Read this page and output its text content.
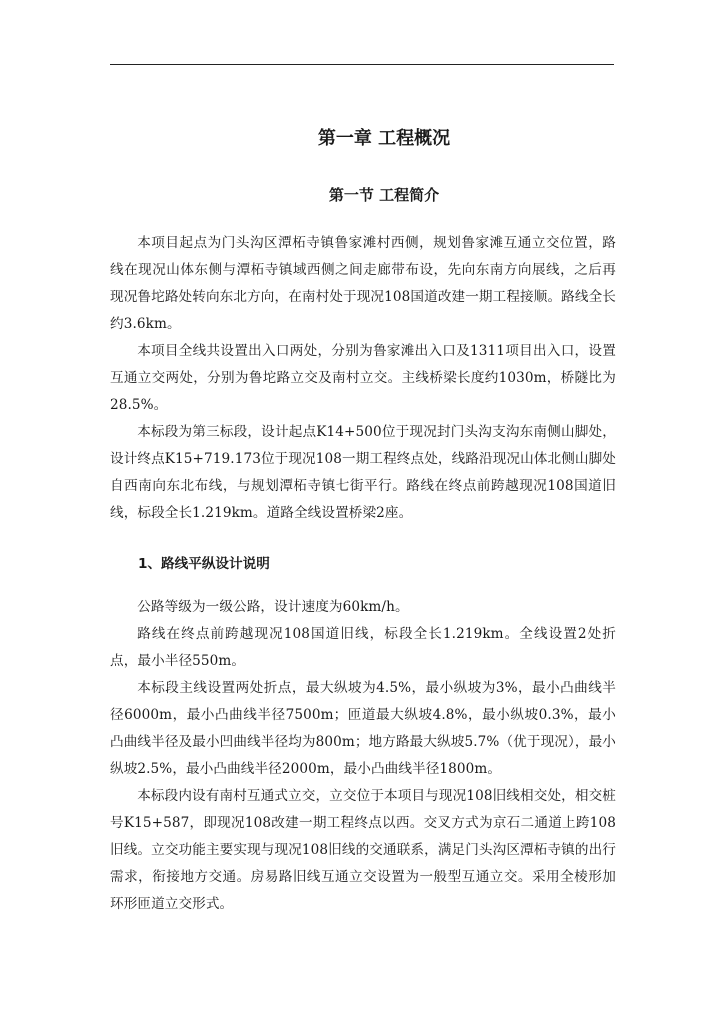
第一章 工程概况
第一节 工程简介

本项目起点为门头沟区潭柘寺镇鲁家滩村西侧，规划鲁家滩互通立交位置，路线在现况山体东侧与潭柘寺镇域西侧之间走廊带布设，先向东南方向展线，之后再现况鲁坨路处转向东北方向，在南村处于现况108国道改建一期工程接顺。路线全长约3.6km。

本项目全线共设置出入口两处，分别为鲁家滩出入口及1311项目出入口，设置互通立交两处，分别为鲁坨路立交及南村立交。主线桥梁长度约1030m，桥隧比为28.5%。

本标段为第三标段，设计起点K14+500位于现况封门头沟支沟东南侧山脚处，设计终点K15+719.173位于现况108一期工程终点处，线路沿现况山体北侧山脚处自西南向东北布线，与规划潭柘寺镇七街平行。路线在终点前跨越现况108国道旧线，标段全长1.219km。道路全线设置桥梁2座。

1、路线平纵设计说明

公路等级为一级公路，设计速度为60km/h。

路线在终点前跨越现况108国道旧线，标段全长1.219km。全线设置2处折点，最小半径550m。

本标段主线设置两处折点，最大纵坡为4.5%，最小纵坡为3%，最小凸曲线半径6000m，最小凸曲线半径7500m；匝道最大纵坡4.8%，最小纵坡0.3%，最小凸曲线半径及最小凹曲线半径均为800m；地方路最大纵坡5.7%（优于现况），最小纵坡2.5%，最小凸曲线半径2000m，最小凸曲线半径1800m。

本标段内设有南村互通式立交，立交位于本项目与现况108旧线相交处，相交桩号K15+587，即现况108改建一期工程终点以西。交叉方式为京石二通道上跨108旧线。立交功能主要实现与现况108旧线的交通联系，满足门头沟区潭柘寺镇的出行需求，衔接地方交通。房易路旧线互通立交设置为一般型互通立交。采用全棱形加环形匝道立交形式。
